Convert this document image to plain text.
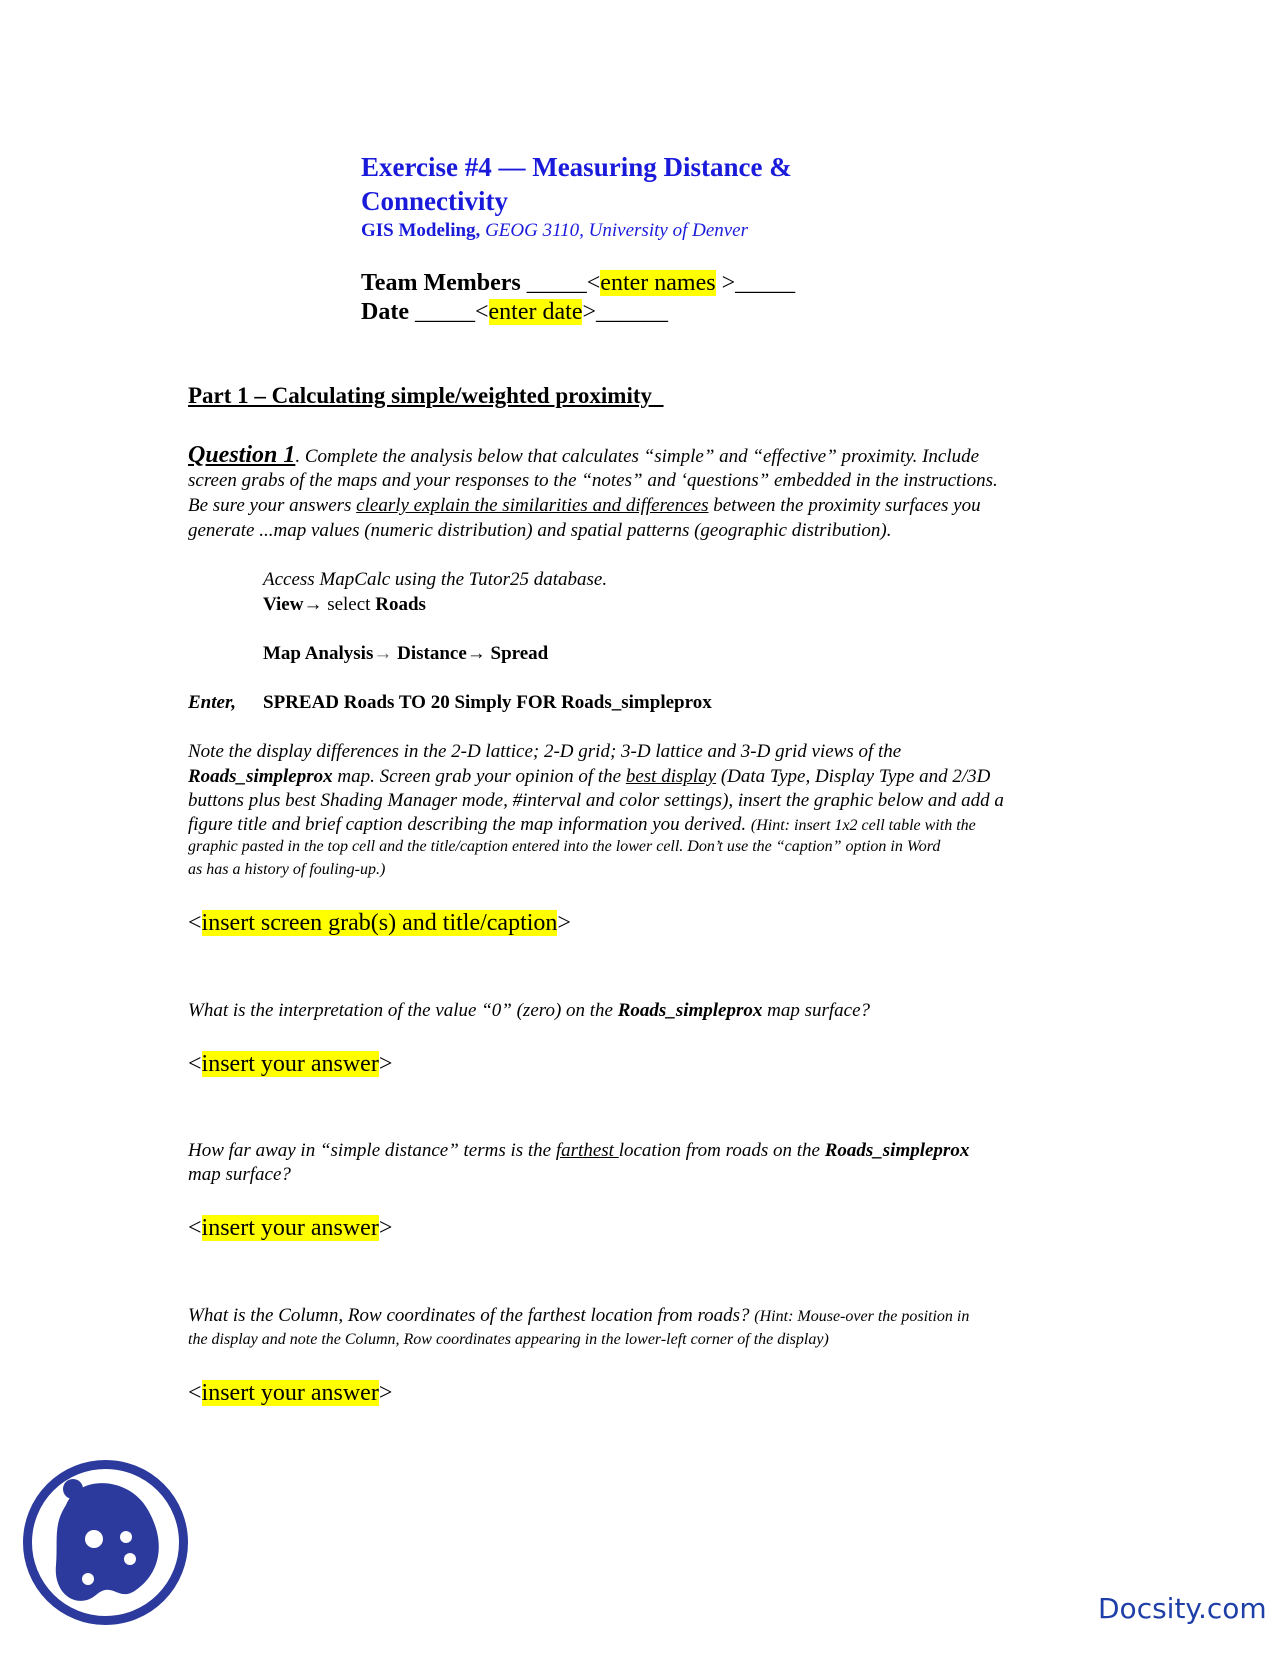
Exercise #4 — Measuring Distance &
Connectivity
GIS Modeling, GEOG 3110, University of Denver
Team Members _____<enter names >_____
Date _____<enter date>______
Part 1 – Calculating simple/weighted proximity
Question 1. Complete the analysis below that calculates “simple” and “effective” proximity. Include
screen grabs of the maps and your responses to the “notes” and ‘questions” embedded in the instructions.
Be sure your answers clearly explain the similarities and differences between the proximity surfaces you
generate ...map values (numeric distribution) and spatial patterns (geographic distribution).
Access MapCalc using the Tutor25 database.
View→ select Roads
Map Analysis→ Distance→ Spread
Enter, SPREAD Roads TO 20 Simply FOR Roads_simpleprox
Note the display differences in the 2-D lattice; 2-D grid; 3-D lattice and 3-D grid views of the
Roads_simpleprox map. Screen grab your opinion of the best display (Data Type, Display Type and 2/3D
buttons plus best Shading Manager mode, #interval and color settings), insert the graphic below and add a
figure title and brief caption describing the map information you derived. (Hint: insert 1x2 cell table with the
graphic pasted in the top cell and the title/caption entered into the lower cell. Don’t use the “caption” option in Word
as has a history of fouling-up.)
<insert screen grab(s) and title/caption>
What is the interpretation of the value “0” (zero) on the Roads_simpleprox map surface?
<insert your answer>
How far away in “simple distance” terms is the farthest location from roads on the Roads_simpleprox
map surface?
<insert your answer>
What is the Column, Row coordinates of the farthest location from roads? (Hint: Mouse-over the position in
the display and note the Column, Row coordinates appearing in the lower-left corner of the display)
<insert your answer>
Docsity.com
